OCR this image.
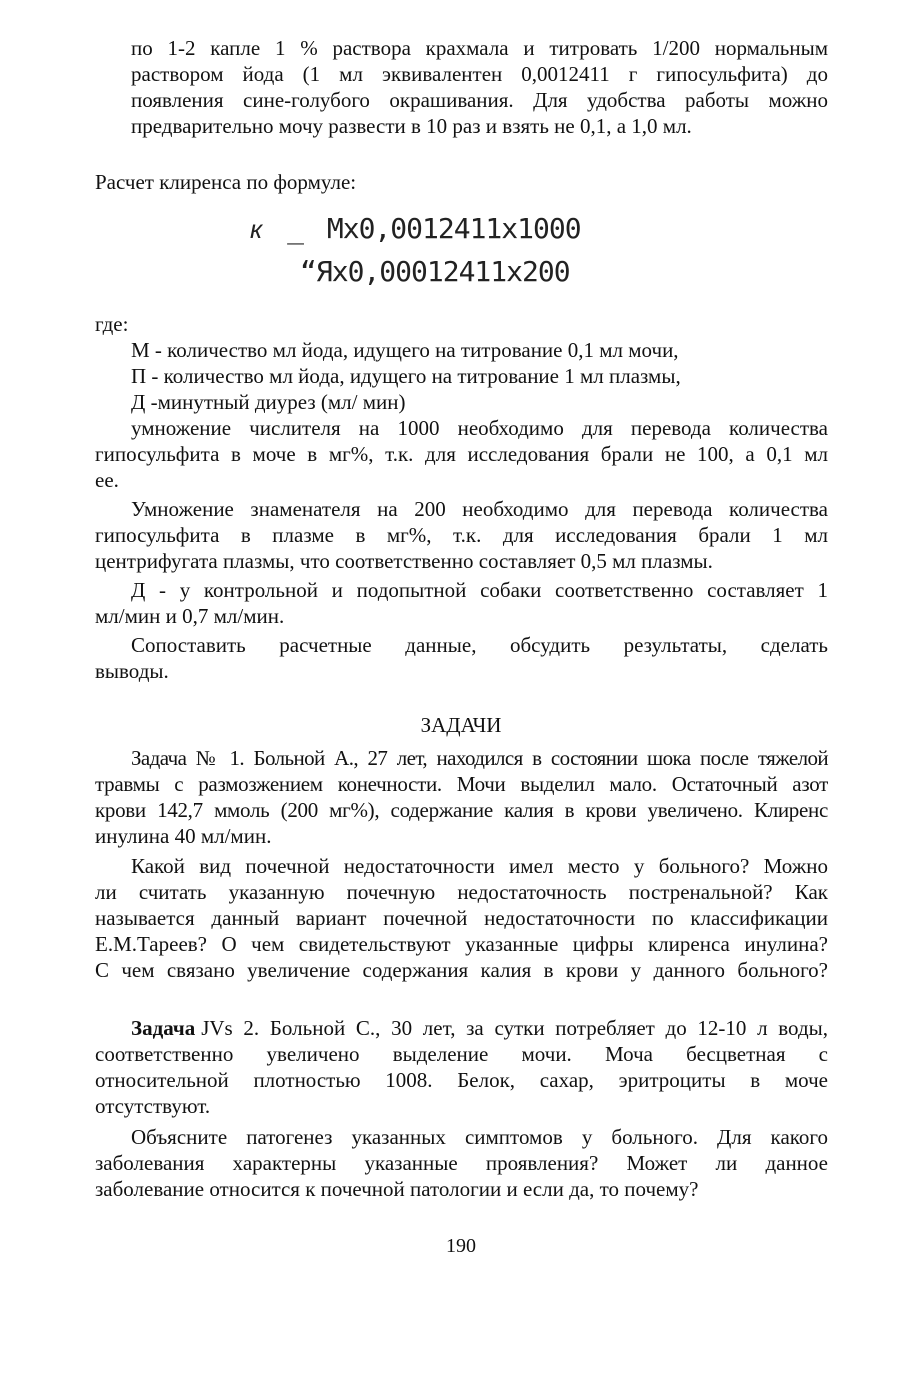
по 1-2 капле 1 % раствора крахмала и титровать 1/200 нормальным
раствором йода (1 мл эквивалентен 0,0012411 г гипосульфита) до
появления сине-голубого окрашивания. Для удобства работы можно
предварительно мочу развести в 10 раз и взять не 0,1, а 1,0 мл.
Расчет клиренса по формуле:
к _ Мх0,0012411х1000
“Ях0,00012411х200
где:
М - количество мл йода, идущего на титрование 0,1 мл мочи,
П - количество мл йода, идущего на титрование 1 мл плазмы,
Д -минутный диурез (мл/ мин)
умножение числителя на 1000 необходимо для перевода количества
гипосульфита в моче в мг%, т.к. для исследования брали не 100, а 0,1 мл
ее.
Умножение знаменателя на 200 необходимо для перевода количества
гипосульфита в плазме в мг%, т.к. для исследования брали 1 мл
центрифугата плазмы, что соответственно составляет 0,5 мл плазмы.
Д - у контрольной и подопытной собаки соответственно составляет 1
мл/мин и 0,7 мл/мин.
Сопоставить расчетные данные, обсудить результаты, сделать
выводы.
ЗАДАЧИ
Задача № 1. Больной А., 27 лет, находился в состоянии шока после тяжелой
травмы с размозжением конечности. Мочи выделил мало. Остаточный азот
крови 142,7 ммоль (200 мг%), содержание калия в крови увеличено. Клиренс
инулина 40 мл/мин.
Какой вид почечной недостаточности имел место у больного? Можно
ли считать указанную почечную недостаточность постренальной? Как
называется данный вариант почечной недостаточности по классификации
Е.М.Тареев? О чем свидетельствуют указанные цифры клиренса инулина?
С чем связано увеличение содержания калия в крови у данного больного?
Задача JVs 2. Больной С., 30 лет, за сутки потребляет до 12-10 л воды,
соответственно увеличено выделение мочи. Моча бесцветная с
относительной плотностью 1008. Белок, сахар, эритроциты в моче
отсутствуют.
Объясните патогенез указанных симптомов у больного. Для какого
заболевания характерны указанные проявления? Может ли данное
заболевание относится к почечной патологии и если да, то почему?
190
